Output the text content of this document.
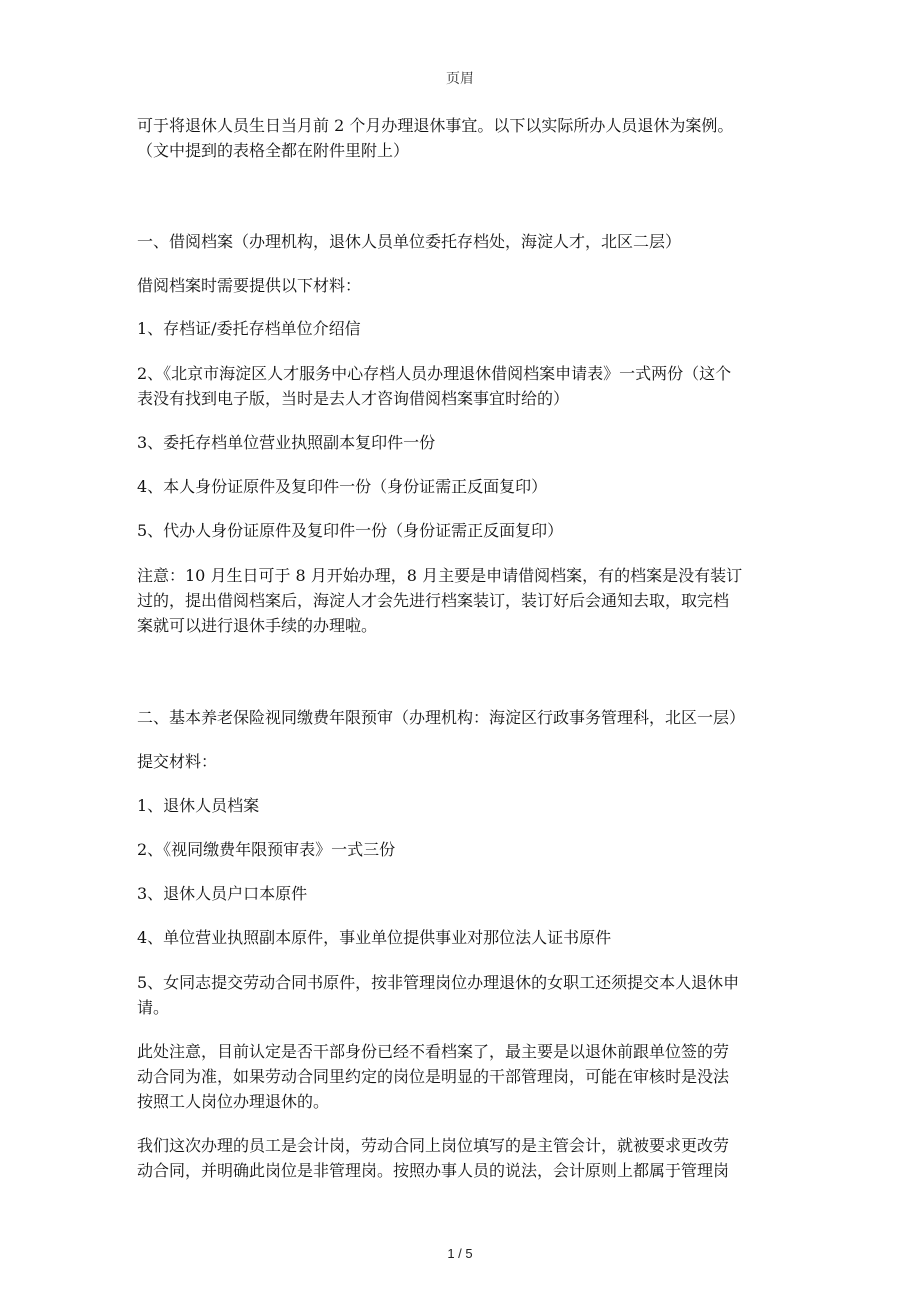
页眉
可于将退休人员生日当月前 2 个月办理退休事宜。以下以实际所办人员退休为案例。
（文中提到的表格全都在附件里附上）
一、借阅档案（办理机构，退休人员单位委托存档处，海淀人才，北区二层）
借阅档案时需要提供以下材料：
1、存档证/委托存档单位介绍信
2、《北京市海淀区人才服务中心存档人员办理退休借阅档案申请表》一式两份（这个
表没有找到电子版，当时是去人才咨询借阅档案事宜时给的）
3、委托存档单位营业执照副本复印件一份
4、本人身份证原件及复印件一份（身份证需正反面复印）
5、代办人身份证原件及复印件一份（身份证需正反面复印）
注意：10 月生日可于 8 月开始办理，8 月主要是申请借阅档案，有的档案是没有装订
过的，提出借阅档案后，海淀人才会先进行档案装订，装订好后会通知去取，取完档
案就可以进行退休手续的办理啦。
二、基本养老保险视同缴费年限预审（办理机构：海淀区行政事务管理科，北区一层）
提交材料：
1、退休人员档案
2、《视同缴费年限预审表》一式三份
3、退休人员户口本原件
4、单位营业执照副本原件，事业单位提供事业对那位法人证书原件
5、女同志提交劳动合同书原件，按非管理岗位办理退休的女职工还须提交本人退休申
请。
此处注意，目前认定是否干部身份已经不看档案了，最主要是以退休前跟单位签的劳
动合同为准，如果劳动合同里约定的岗位是明显的干部管理岗，可能在审核时是没法
按照工人岗位办理退休的。
我们这次办理的员工是会计岗，劳动合同上岗位填写的是主管会计，就被要求更改劳
动合同，并明确此岗位是非管理岗。按照办事人员的说法，会计原则上都属于管理岗
1 / 5
